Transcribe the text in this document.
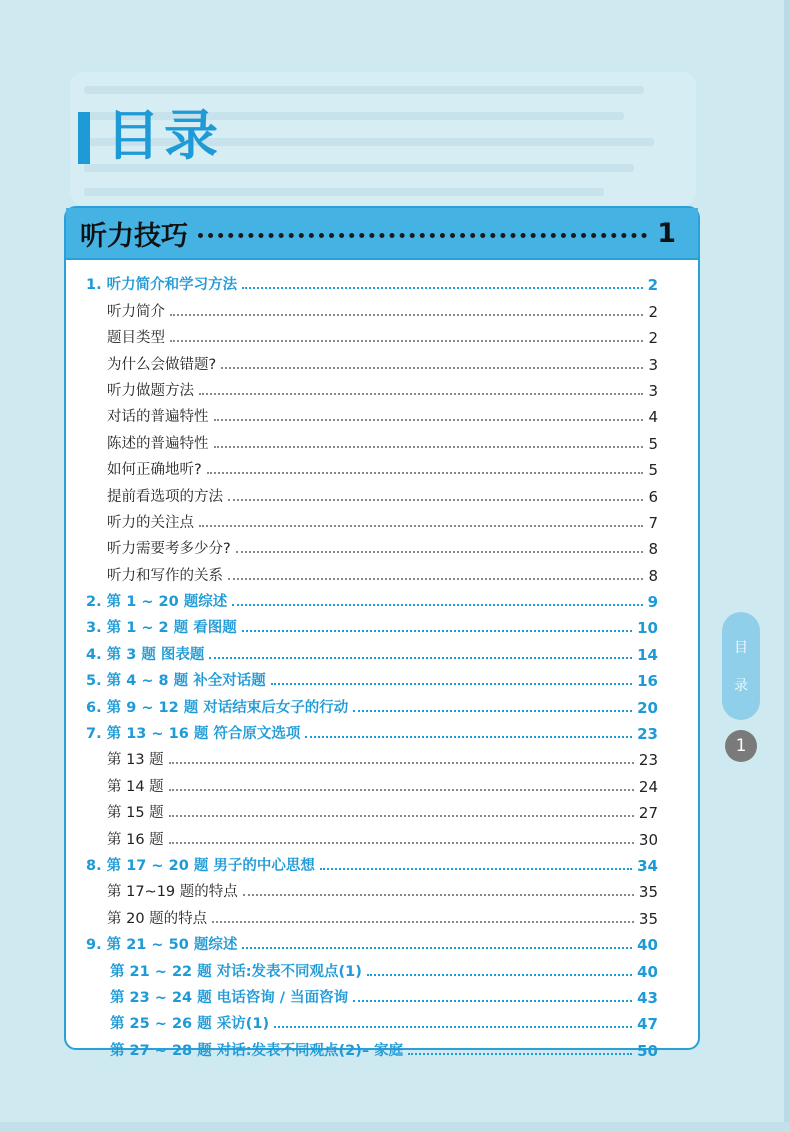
目录
听力技巧	1
1. 听力简介和学习方法	2
听力简介	2
题目类型	2
为什么会做错题?	3
听力做题方法	3
对话的普遍特性	4
陈述的普遍特性	5
如何正确地听?	5
提前看选项的方法	6
听力的关注点	7
听力需要考多少分?	8
听力和写作的关系	8
2. 第 1 ~ 20 题综述	9
3. 第 1 ~ 2 题 看图题	10
4. 第 3 题 图表题	14
5. 第 4 ~ 8 题 补全对话题	16
6. 第 9 ~ 12 题 对话结束后女子的行动	20
7. 第 13 ~ 16 题 符合原文选项	23
第 13 题	23
第 14 题	24
第 15 题	27
第 16 题	30
8. 第 17 ~ 20 题 男子的中心思想	34
第 17~19 题的特点	35
第 20 题的特点	35
9. 第 21 ~ 50 题综述	40
第 21 ~ 22 题 对话:发表不同观点(1)	40
第 23 ~ 24 题 电话咨询 / 当面咨询	43
第 25 ~ 26 题 采访(1)	47
第 27 ~ 28 题 对话:发表不同观点(2)– 家庭	50
目
录
1
